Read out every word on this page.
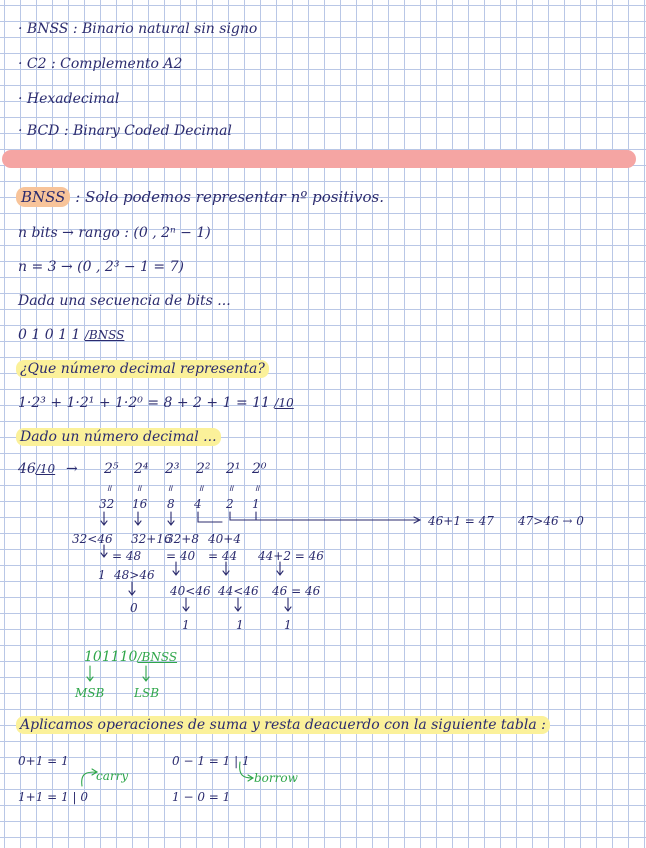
· BNSS : Binario natural sin signo
· C2 : Complemento A2
· Hexadecimal
· BCD : Binary Coded Decimal
BNSS : Solo podemos representar nº positivos.
n bits → rango : (0 , 2ⁿ − 1)
n = 3 → (0 , 2³ − 1 = 7)
Dada una secuencia de bits ...
0 1 0 1 1 /BNSS
¿Que número decimal representa?
1·2³ + 1·2¹ + 1·2⁰ = 8 + 2 + 1 = 11 /10
Dado un número decimal ...
46/10 → 2⁵ 2⁴ 2³ 2² 2¹ 2⁰
॥	॥	॥	॥	॥ ॥
32 16 8 4 2 1
46+1 = 47 47>46 → 0
32<46 32+16
32+8 40+4
= 48 = 40 = 44 44+2 = 46
1 48>46
40<46 44<46 46 = 46
0
1	1	1
101110/BNSS
MSB LSB
Aplicamos operaciones de suma y resta deacuerdo con la siguiente tabla :
0+1 = 1
1+1 = 1 | 0
carry
0 − 1 = 1 | 1
1 − 0 = 1
borrow
